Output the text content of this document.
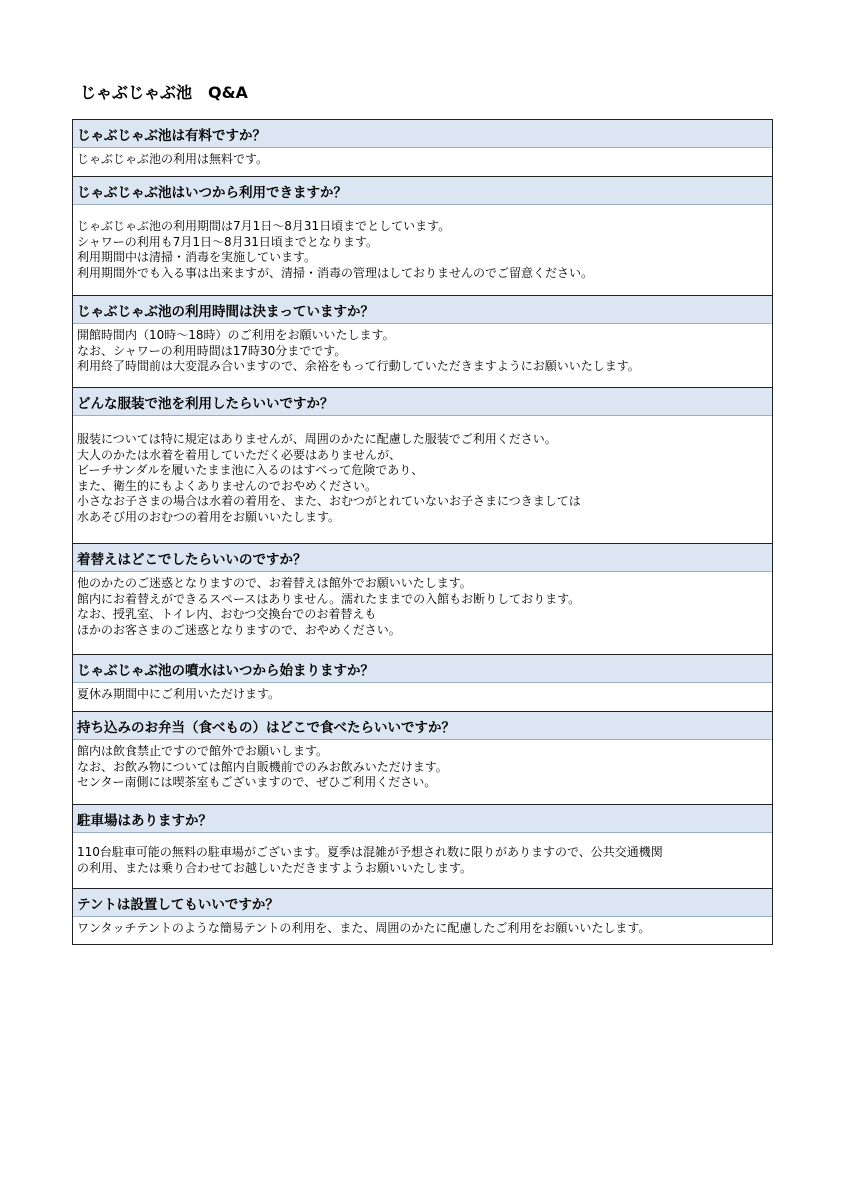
じゃぶじゃぶ池　Q&A
じゃぶじゃぶ池は有料ですか？

じゃぶじゃぶ池の利用は無料です。

じゃぶじゃぶ池はいつから利用できますか？

じゃぶじゃぶ池の利用期間は7月1日～8月31日頃までとしています。

シャワーの利用も7月1日～8月31日頃までとなります。

利用期間中は清掃・消毒を実施しています。

利用期間外でも入る事は出来ますが、清掃・消毒の管理はしておりませんのでご留意ください。

じゃぶじゃぶ池の利用時間は決まっていますか？

開館時間内（10時～18時）のご利用をお願いいたします。

なお、シャワーの利用時間は17時30分までです。

利用終了時間前は大変混み合いますので、余裕をもって行動していただきますようにお願いいたします。

どんな服装で池を利用したらいいですか？

服装については特に規定はありませんが、周囲のかたに配慮した服装でご利用ください。

大人のかたは水着を着用していただく必要はありませんが、

ビーチサンダルを履いたまま池に入るのはすべって危険であり、

また、衛生的にもよくありませんのでおやめください。

小さなお子さまの場合は水着の着用を、また、おむつがとれていないお子さまにつきましては

水あそび用のおむつの着用をお願いいたします。

着替えはどこでしたらいいのですか？

他のかたのご迷惑となりますので、お着替えは館外でお願いいたします。

館内にお着替えができるスペースはありません。濡れたままでの入館もお断りしております。

なお、授乳室、トイレ内、おむつ交換台でのお着替えも

ほかのお客さまのご迷惑となりますので、おやめください。

じゃぶじゃぶ池の噴水はいつから始まりますか？

夏休み期間中にご利用いただけます。

持ち込みのお弁当（食べもの）はどこで食べたらいいですか？

館内は飲食禁止ですので館外でお願いします。

なお、お飲み物については館内自販機前でのみお飲みいただけます。

センター南側には喫茶室もございますので、ぜひご利用ください。

駐車場はありますか？

110台駐車可能の無料の駐車場がございます。夏季は混雑が予想され数に限りがありますので、公共交通機関

の利用、または乗り合わせてお越しいただきますようお願いいたします。

テントは設置してもいいですか？

ワンタッチテントのような簡易テントの利用を、また、周囲のかたに配慮したご利用をお願いいたします。
